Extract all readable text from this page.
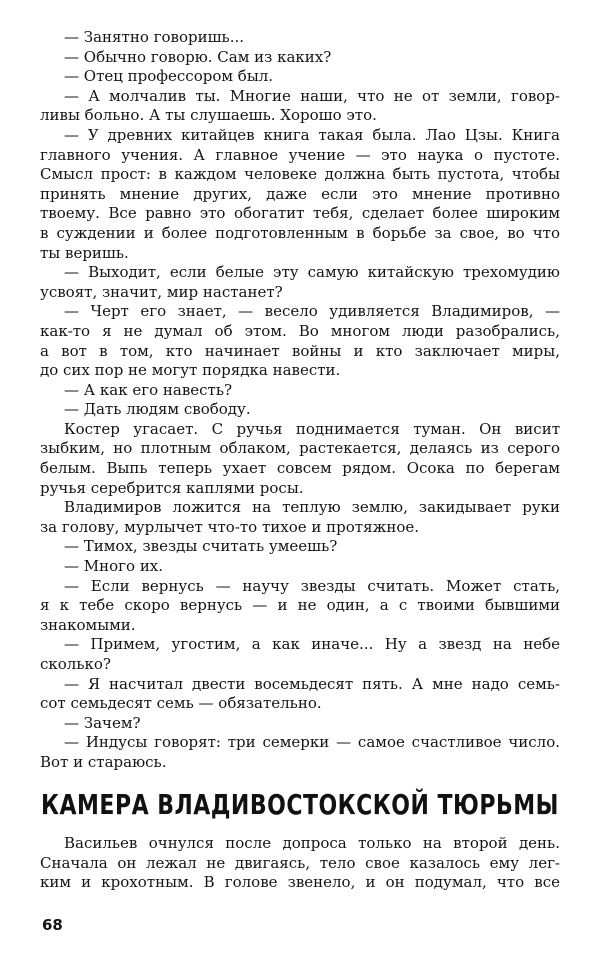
— Занятно говоришь...
— Обычно говорю. Сам из каких?
— Отец профессором был.
— А молчалив ты. Многие наши, что не от земли, говор-
ливы больно. А ты слушаешь. Хорошо это.
— У древних китайцев книга такая была. Лао Цзы. Книга
главного учения. А главное учение — это наука о пустоте.
Смысл прост: в каждом человеке должна быть пустота, чтобы
принять мнение других, даже если это мнение противно
твоему. Все равно это обогатит тебя, сделает более широким
в суждении и более подготовленным в борьбе за свое, во что
ты веришь.
— Выходит, если белые эту самую китайскую трехомудию
усвоят, значит, мир настанет?
— Черт его знает, — весело удивляется Владимиров, —
как-то я не думал об этом. Во многом люди разобрались,
а вот в том, кто начинает войны и кто заключает миры,
до сих пор не могут порядка навести.
— А как его навесть?
— Дать людям свободу.
Костер угасает. С ручья поднимается туман. Он висит
зыбким, но плотным облаком, растекается, делаясь из серого
белым. Выпь теперь ухает совсем рядом. Осока по берегам
ручья серебрится каплями росы.
Владимиров ложится на теплую землю, закидывает руки
за голову, мурлычет что-то тихое и протяжное.
— Тимох, звезды считать умеешь?
— Много их.
— Если вернусь — научу звезды считать. Может стать,
я к тебе скоро вернусь — и не один, а с твоими бывшими
знакомыми.
— Примем, угостим, а как иначе... Ну а звезд на небе
сколько?
— Я насчитал двести восемьдесят пять. А мне надо семь-
сот семьдесят семь — обязательно.
— Зачем?
— Индусы говорят: три семерки — самое счастливое число.
Вот и стараюсь.
КАМЕРА ВЛАДИВОСТОКСКОЙ ТЮРЬМЫ
Васильев очнулся после допроса только на второй день.
Сначала он лежал не двигаясь, тело свое казалось ему лег-
ким и крохотным. В голове звенело, и он подумал, что все
68
